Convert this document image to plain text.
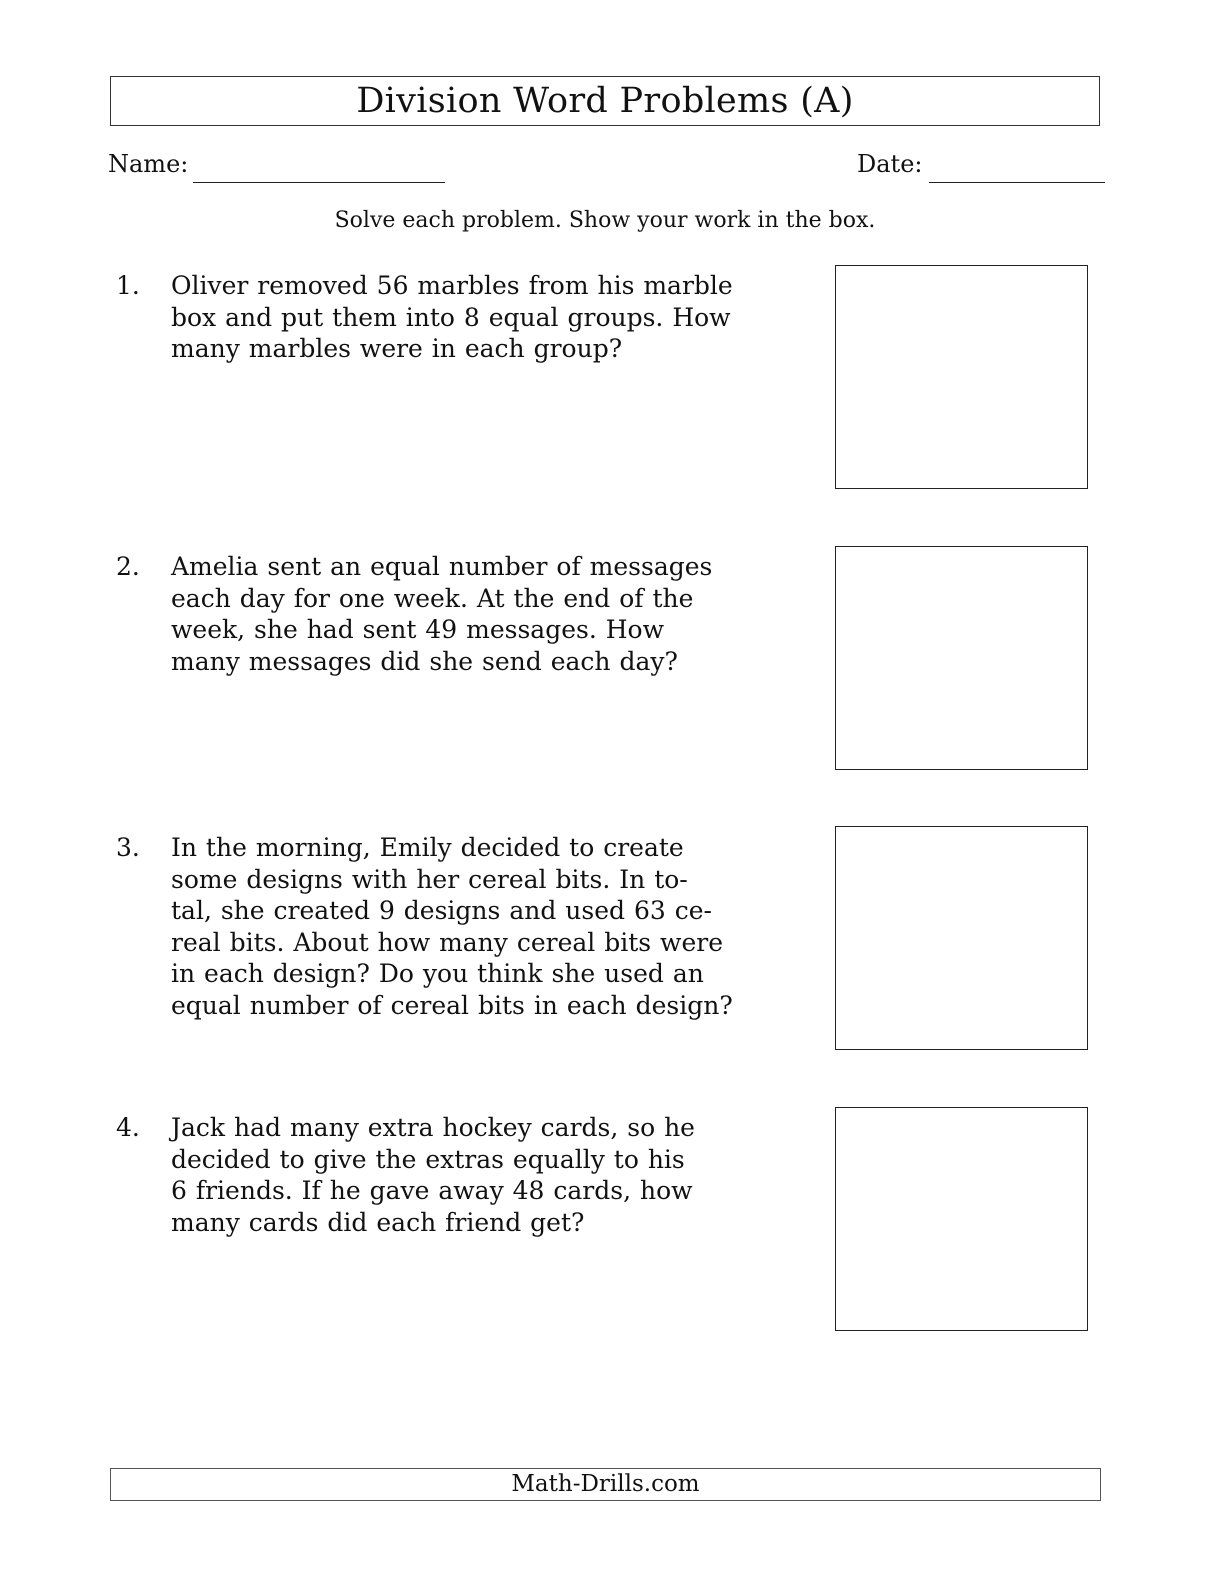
Division Word Problems (A)
Name:	Date:
Solve each problem. Show your work in the box.
1. Oliver removed 56 marbles from his marble
box and put them into 8 equal groups. How
many marbles were in each group?
2. Amelia sent an equal number of messages
each day for one week. At the end of the
week, she had sent 49 messages. How
many messages did she send each day?
3. In the morning, Emily decided to create
some designs with her cereal bits. In to-
tal, she created 9 designs and used 63 ce-
real bits. About how many cereal bits were
in each design? Do you think she used an
equal number of cereal bits in each design?
4. Jack had many extra hockey cards, so he
decided to give the extras equally to his
6 friends. If he gave away 48 cards, how
many cards did each friend get?
Math-Drills.com
